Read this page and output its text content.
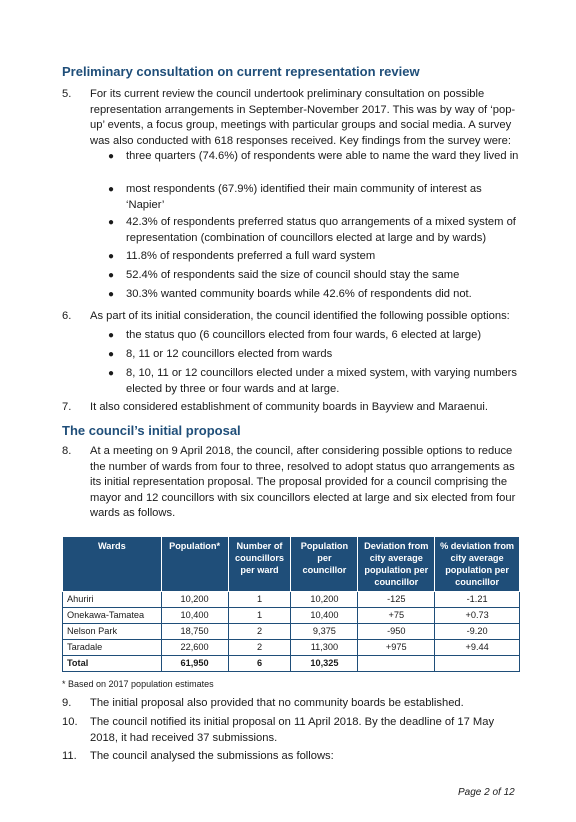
Preliminary consultation on current representation review
5. For its current review the council undertook preliminary consultation on possible representation arrangements in September-November 2017. This was by way of ‘pop-up’ events, a focus group, meetings with particular groups and social media. A survey was also conducted with 618 responses received. Key findings from the survey were:
● three quarters (74.6%) of respondents were able to name the ward they lived in
● most respondents (67.9%) identified their main community of interest as ‘Napier’
● 42.3% of respondents preferred status quo arrangements of a mixed system of representation (combination of councillors elected at large and by wards)
● 11.8% of respondents preferred a full ward system
● 52.4% of respondents said the size of council should stay the same
● 30.3% wanted community boards while 42.6% of respondents did not.
6. As part of its initial consideration, the council identified the following possible options:
● the status quo (6 councillors elected from four wards, 6 elected at large)
● 8, 11 or 12 councillors elected from wards
● 8, 10, 11 or 12 councillors elected under a mixed system, with varying numbers elected by three or four wards and at large.
7. It also considered establishment of community boards in Bayview and Maraenui.
The council’s initial proposal
8. At a meeting on 9 April 2018, the council, after considering possible options to reduce the number of wards from four to three, resolved to adopt status quo arrangements as its initial representation proposal. The proposal provided for a council comprising the mayor and 12 councillors with six councillors elected at large and six elected from four wards as follows.
Wards	Population*	Number of councillors per ward	Population per councillor	Deviation from city average population per councillor	% deviation from city average population per councillor
Ahuriri	10,200	1	10,200	-125	-1.21
Onekawa-Tamatea	10,400	1	10,400	+75	+0.73
Nelson Park	18,750	2	9,375	-950	-9.20
Taradale	22,600	2	11,300	+975	+9.44
Total	61,950	6	10,325		
* Based on 2017 population estimates
9. The initial proposal also provided that no community boards be established.
10. The council notified its initial proposal on 11 April 2018. By the deadline of 17 May 2018, it had received 37 submissions.
11. The council analysed the submissions as follows:
Page 2 of 12
